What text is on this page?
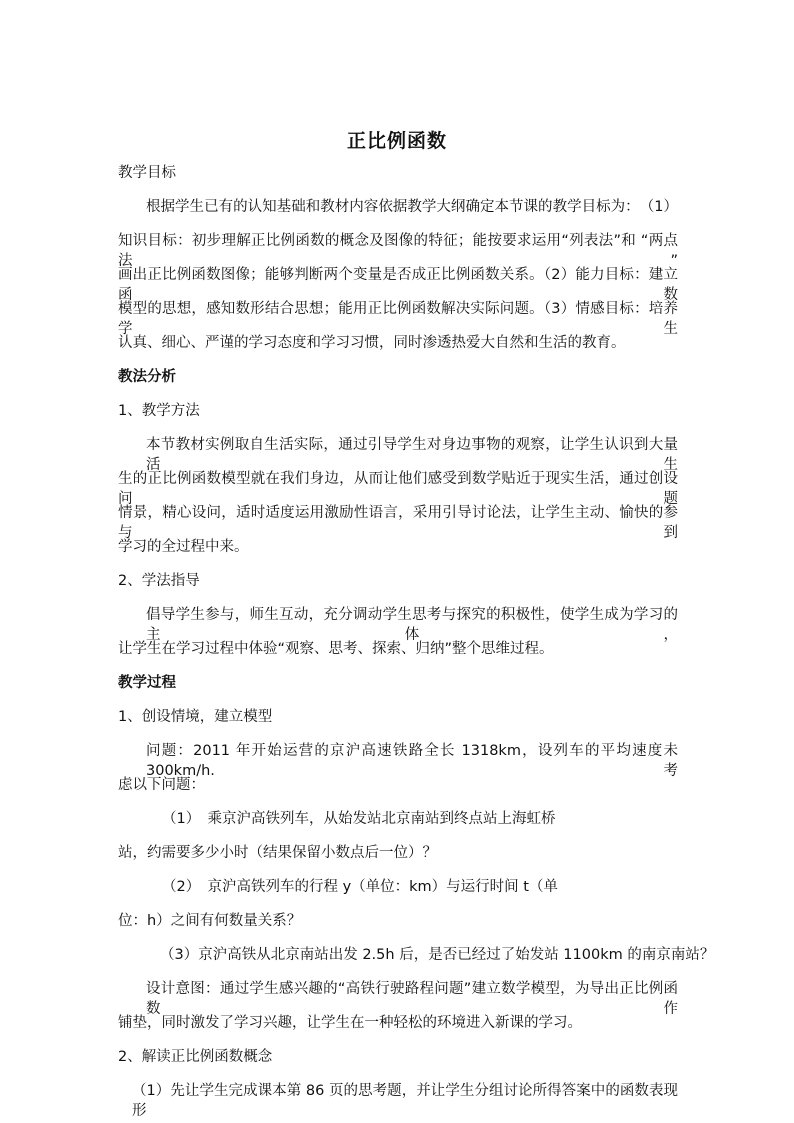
正比例函数
教学目标
根据学生已有的认知基础和教材内容依据教学大纲确定本节课的教学目标为：　（1）
知识目标：初步理解正比例函数的概念及图像的特征；能按要求运用“列表法”和 “两点法”
画出正比例函数图像；能够判断两个变量是否成正比例函数关系。（2）能力目标：建立函数
模型的思想，感知数形结合思想；能用正比例函数解决实际问题。（3）情感目标：培养学生
认真、细心、严谨的学习态度和学习习惯，同时渗透热爱大自然和生活的教育。
教法分析
1、教学方法
本节教材实例取自生活实际，通过引导学生对身边事物的观察，让学生认识到大量活生
生的正比例函数模型就在我们身边，从而让他们感受到数学贴近于现实生活，通过创设问题
情景，精心设问，适时适度运用激励性语言，采用引导讨论法，让学生主动、愉快的参与到
学习的全过程中来。
2、学法指导
倡导学生参与，师生互动，充分调动学生思考与探究的积极性，使学生成为学习的主体，
让学生在学习过程中体验“观察、思考、探索、归纳”整个思维过程。
教学过程
1、创设情境，建立模型
问题：2011 年开始运营的京沪高速铁路全长 1318km，设列车的平均速度未 300km/h.考
虑以下问题：
（1）　乘京沪高铁列车，从始发站北京南站到终点站上海虹桥
站，约需要多少小时（结果保留小数点后一位）？
（2）　京沪高铁列车的行程 y（单位：km）与运行时间 t（单
位：h）之间有何数量关系？
（3）京沪高铁从北京南站出发 2.5h 后，是否已经过了始发站 1100km 的南京南站？
设计意图：通过学生感兴趣的“高铁行驶路程问题”建立数学模型，为导出正比例函数作
铺垫，同时激发了学习兴趣，让学生在一种轻松的环境进入新课的学习。
2、解读正比例函数概念
（1）先让学生完成课本第 86 页的思考题，并让学生分组讨论所得答案中的函数表现形
